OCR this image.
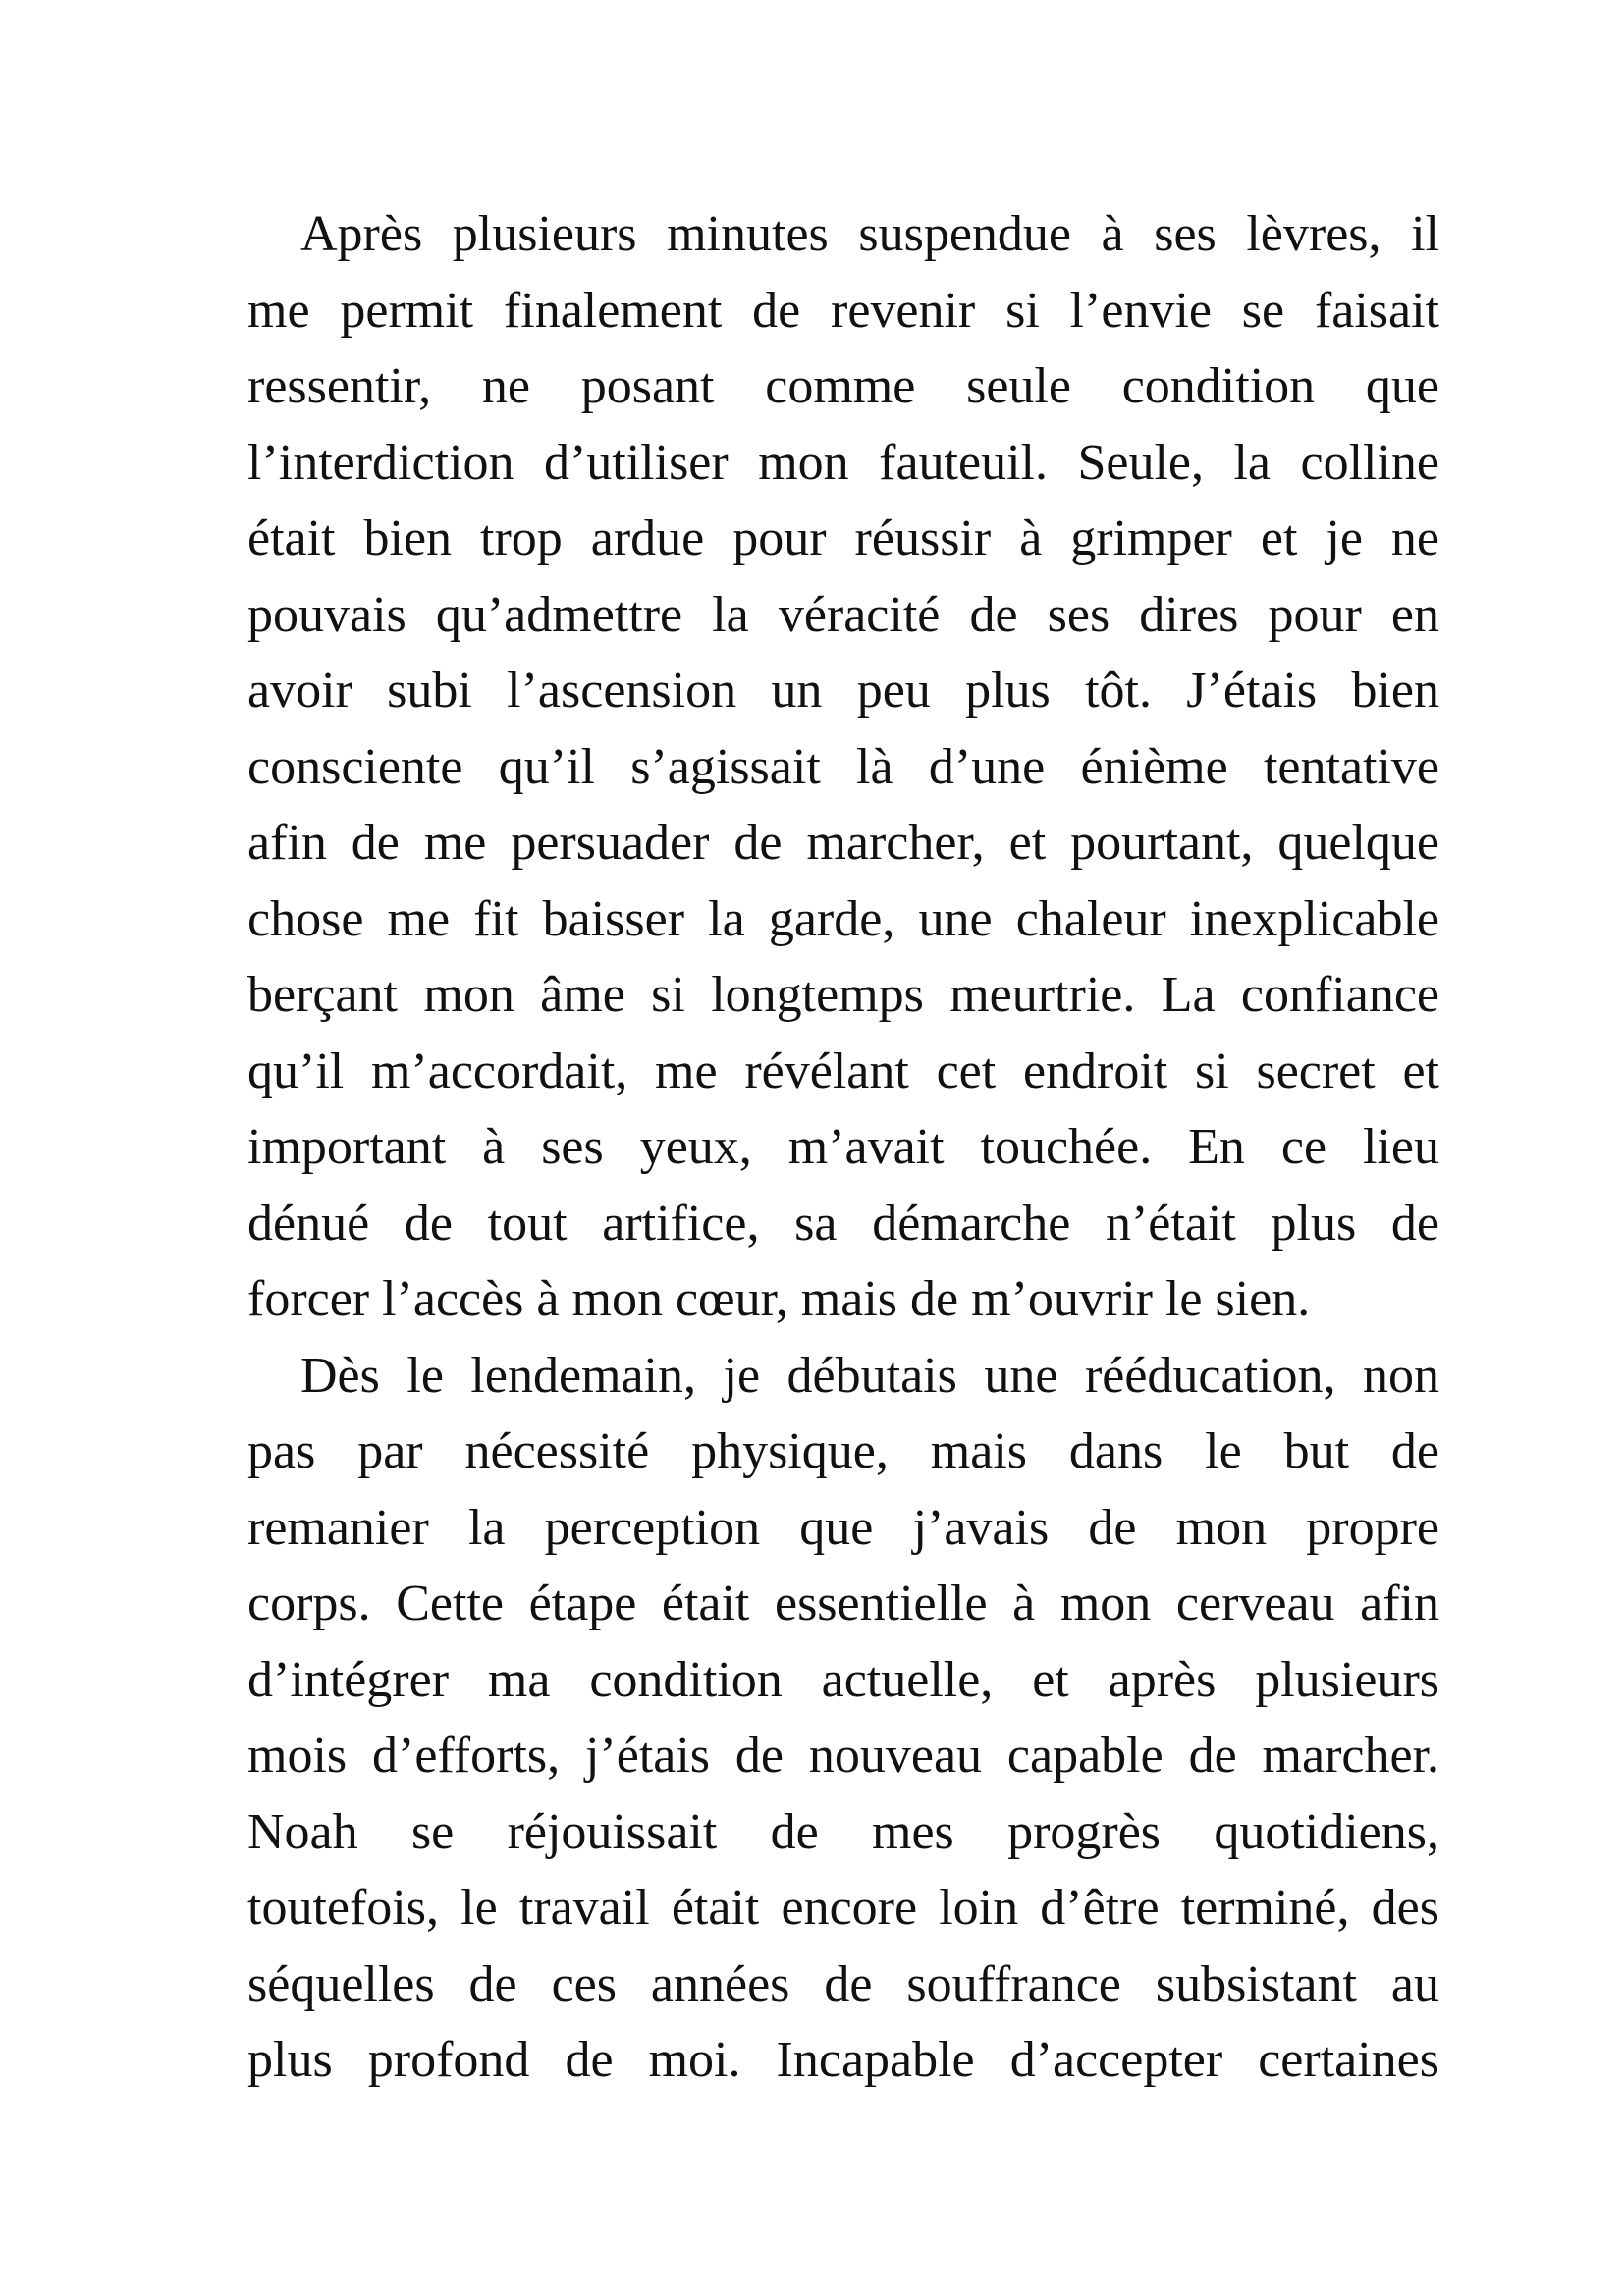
Après plusieurs minutes suspendue à ses lèvres, il
me permit finalement de revenir si l’envie se faisait
ressentir, ne posant comme seule condition que
l’interdiction d’utiliser mon fauteuil. Seule, la colline
était bien trop ardue pour réussir à grimper et je ne
pouvais qu’admettre la véracité de ses dires pour en
avoir subi l’ascension un peu plus tôt. J’étais bien
consciente qu’il s’agissait là d’une énième tentative
afin de me persuader de marcher, et pourtant, quelque
chose me fit baisser la garde, une chaleur inexplicable
berçant mon âme si longtemps meurtrie. La confiance
qu’il m’accordait, me révélant cet endroit si secret et
important à ses yeux, m’avait touchée. En ce lieu
dénué de tout artifice, sa démarche n’était plus de
forcer l’accès à mon cœur, mais de m’ouvrir le sien.
Dès le lendemain, je débutais une rééducation, non
pas par nécessité physique, mais dans le but de
remanier la perception que j’avais de mon propre
corps. Cette étape était essentielle à mon cerveau afin
d’intégrer ma condition actuelle, et après plusieurs
mois d’efforts, j’étais de nouveau capable de marcher.
Noah se réjouissait de mes progrès quotidiens,
toutefois, le travail était encore loin d’être terminé, des
séquelles de ces années de souffrance subsistant au
plus profond de moi. Incapable d’accepter certaines
